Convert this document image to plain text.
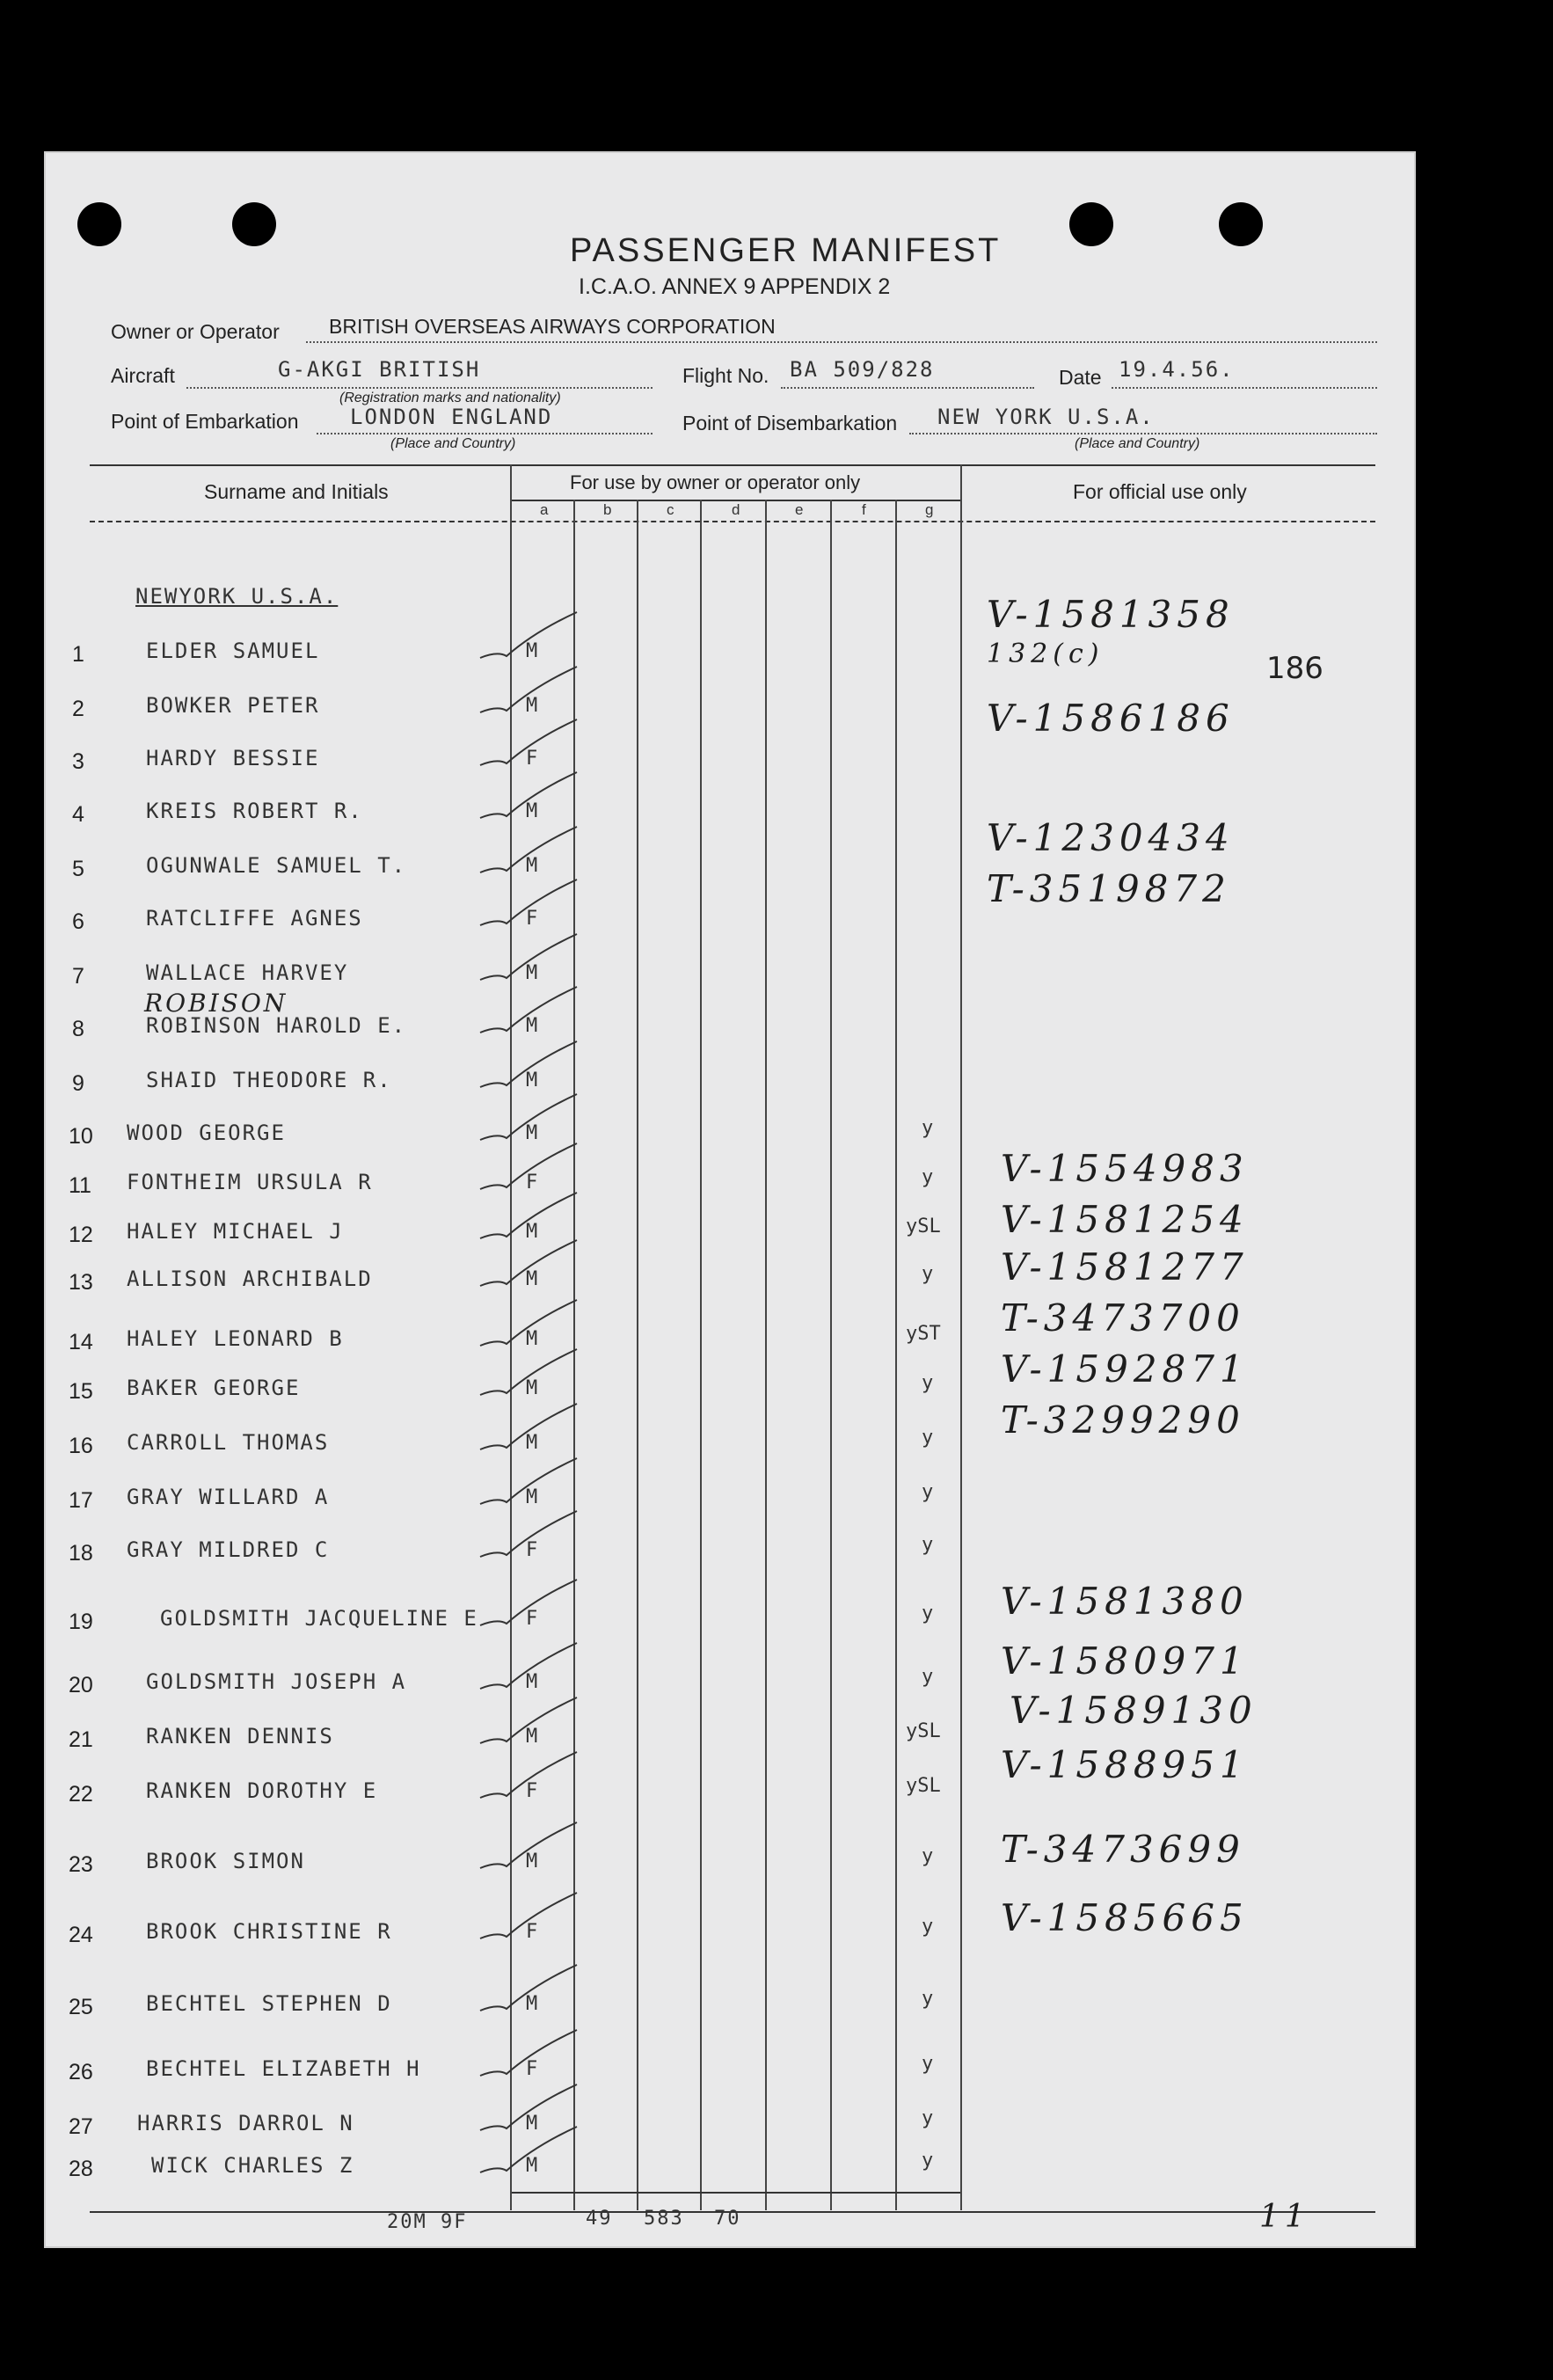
PASSENGER MANIFEST
I.C.A.O. ANNEX 9 APPENDIX 2
Owner or Operator BRITISH OVERSEAS AIRWAYS CORPORATION
Aircraft	G-AKGI BRITISH
(Registration marks and nationality)
Flight No. BA 509/828	Date 19.4.56.
Point of Embarkation LONDON ENGLAND
(Place and Country)
Point of Disembarkation NEW YORK U.S.A.
(Place and Country)
Surname and Initials	For use by owner or operator only	For official use only
a	b	c	d	e	f	g
NEWYORK U.S.A.
186
1	ELDER SAMUEL	M
2	BOWKER PETER	M
3	HARDY BESSIE	F
4	KREIS ROBERT R.	M
5	OGUNWALE SAMUEL T.	M
6	RATCLIFFE AGNES	F
7	WALLACE HARVEY	M
8	ROBINSON HAROLD E.	M
9	SHAID THEODORE R.	M
10 WOOD GEORGE	M	y
11 FONTHEIM URSULA R	F	y
12 HALEY MICHAEL J	M	ySL
13 ALLISON ARCHIBALD	M	y
14 HALEY LEONARD B	M	yST
15 BAKER GEORGE	M	y
16 CARROLL THOMAS	M	y
17 GRAY WILLARD A	M	y
18 GRAY MILDRED C	F	y
19	GOLDSMITH JACQUELINE E F	y
20	GOLDSMITH JOSEPH A	M	y
21	RANKEN DENNIS	M	ySL
22	RANKEN DOROTHY E	F	ySL
23	BROOK SIMON	M	y
24	BROOK CHRISTINE R	F	y
25	BECHTEL STEPHEN D	M	y
26	BECHTEL ELIZABETH H	F	y
27 HARRIS DARROL N	M	y
28	WICK CHARLES Z	M	y
ROBISON
V-1581358
132(c)
V-1586186
V-1230434
T-3519872
V-1554983
V-1581254
V-1581277
T-3473700
V-1592871
T-3299290
V-1581380
V-1580971
V-1589130
V-1588951
T-3473699
V-1585665
20M 9F	49 583 70	11
